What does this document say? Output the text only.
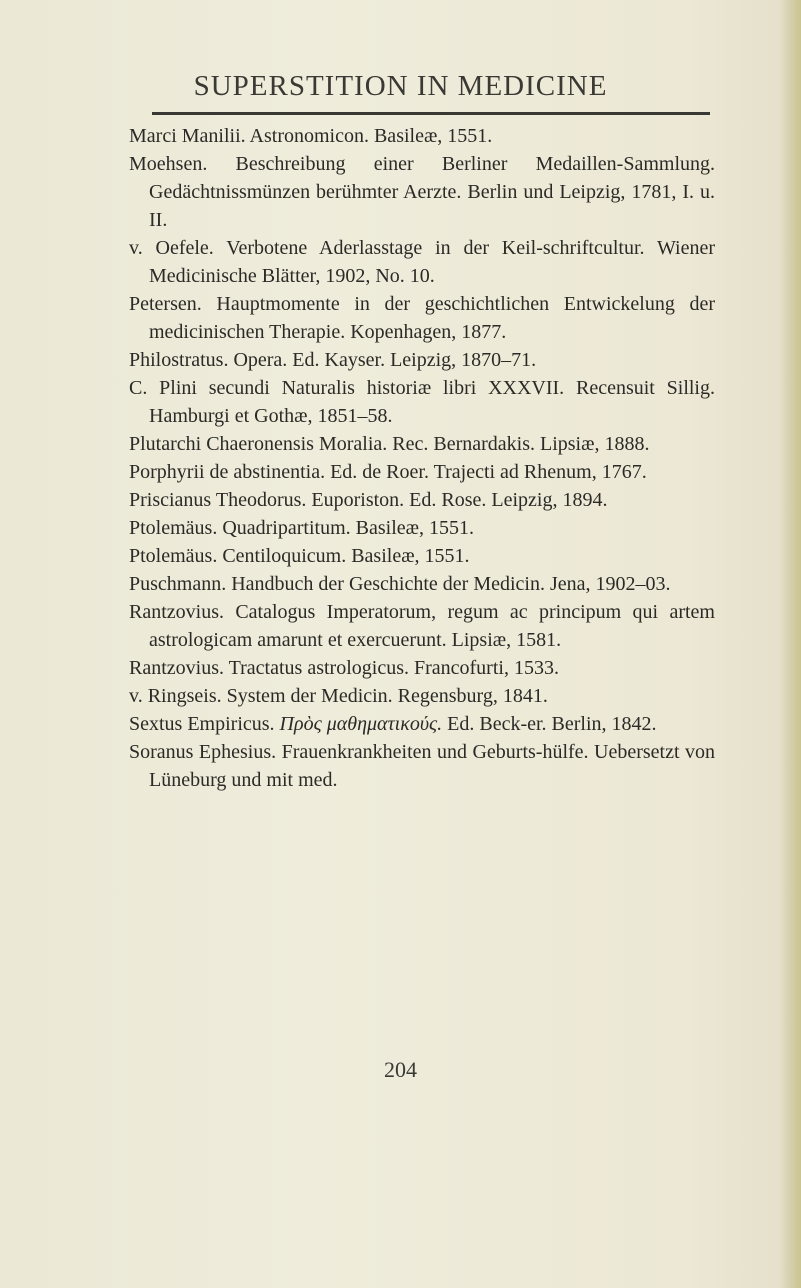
SUPERSTITION IN MEDICINE
Marci Manilii. Astronomicon. Basileæ, 1551.
Moehsen. Beschreibung einer Berliner Medaillen-Sammlung. Gedächtnissmünzen berühmter Aerzte. Berlin und Leipzig, 1781, I. u. II.
v. Oefele. Verbotene Aderlasstage in der Keil-schriftcultur. Wiener Medicinische Blätter, 1902, No. 10.
Petersen. Hauptmomente in der geschichtlichen Entwickelung der medicinischen Therapie. Kopenhagen, 1877.
Philostratus. Opera. Ed. Kayser. Leipzig, 1870–71.
C. Plini secundi Naturalis historiæ libri XXXVII. Recensuit Sillig. Hamburgi et Gothæ, 1851–58.
Plutarchi Chaeronensis Moralia. Rec. Bernardakis. Lipsiæ, 1888.
Porphyrii de abstinentia. Ed. de Roer. Trajecti ad Rhenum, 1767.
Priscianus Theodorus. Euporiston. Ed. Rose. Leipzig, 1894.
Ptolemäus. Quadripartitum. Basileæ, 1551.
Ptolemäus. Centiloquicum. Basileæ, 1551.
Puschmann. Handbuch der Geschichte der Medicin. Jena, 1902–03.
Rantzovius. Catalogus Imperatorum, regum ac principum qui artem astrologicam amarunt et exercuerunt. Lipsiæ, 1581.
Rantzovius. Tractatus astrologicus. Francofurti, 1533.
v. Ringseis. System der Medicin. Regensburg, 1841.
Sextus Empiricus. Πρὸς μαθηματικούς. Ed. Beck-er. Berlin, 1842.
Soranus Ephesius. Frauenkrankheiten und Geburts-hülfe. Uebersetzt von Lüneburg und mit med.
204
